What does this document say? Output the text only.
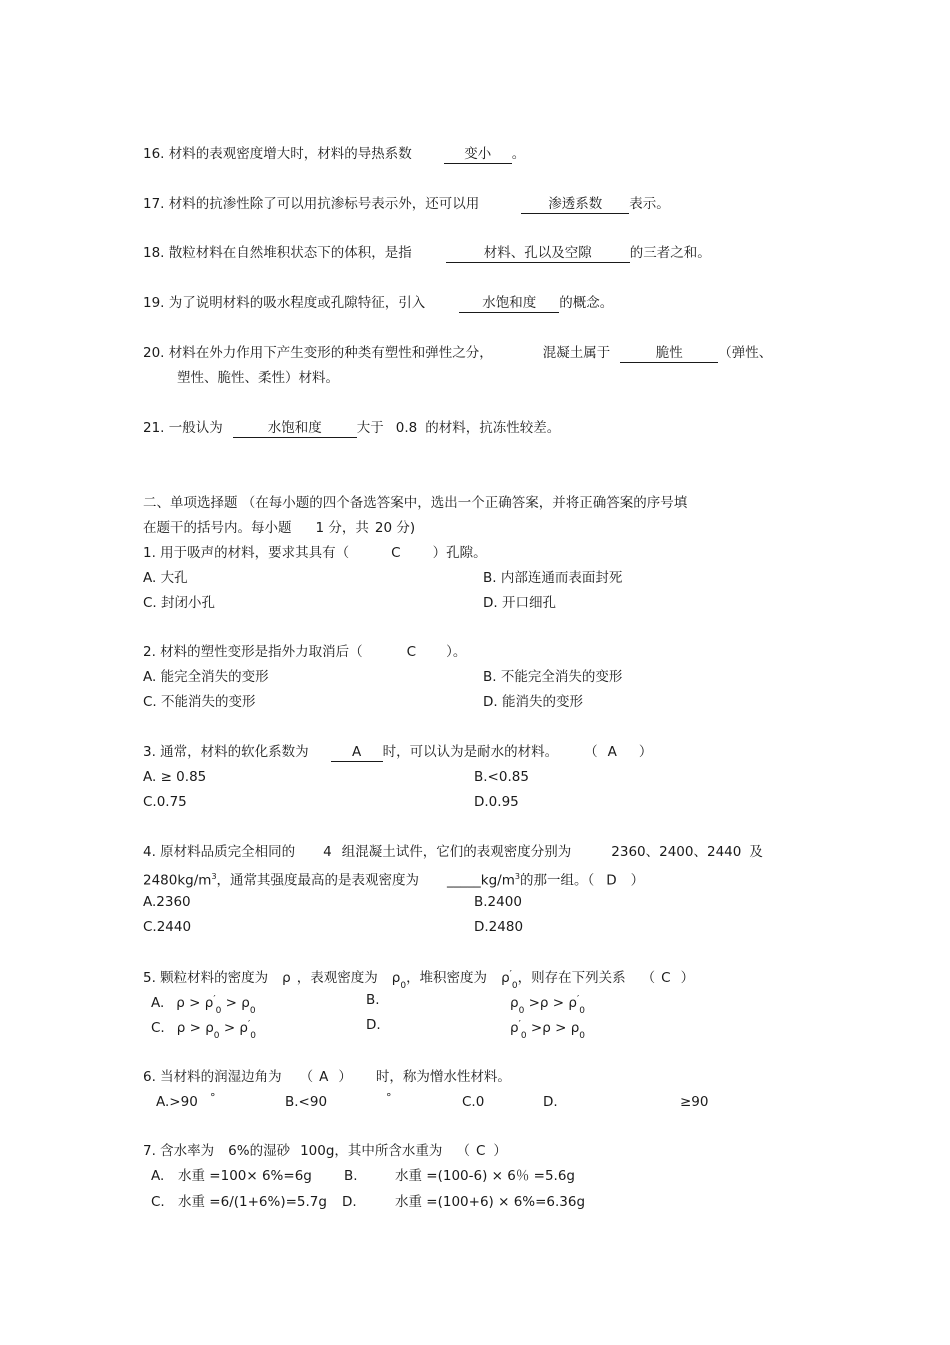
16. 材料的表观密度增大时，材料的导热系数	变小 。
17. 材料的抗渗性除了可以用抗渗标号表示外，还可以用	渗透系数 表示。
18. 散粒材料在自然堆积状态下的体积，是指	材料、孔以及空隙	的三者之和。
19. 为了说明材料的吸水程度或孔隙特征，引入	水饱和度 的概念。
20. 材料在外力作用下产生变形的种类有塑性和弹性之分，	混凝土属于	脆性	（弹性、
塑性、脆性、柔性）材料。
21. 一般认为	水饱和度	大于 0.8 的材料，抗冻性较差。
二、单项选择题 （在每小题的四个备选答案中，选出一个正确答案，并将正确答案的序号填
在题干的括号内。每小题 1 分，共 20 分)
1. 用于吸声的材料，要求其具有（	C ）孔隙。
A. 大孔	B. 内部连通而表面封死
C. 封闭小孔	D. 开口细孔
2. 材料的塑性变形是指外力取消后（	C ）。
A. 能完全消失的变形	B. 不能完全消失的变形
C. 不能消失的变形	D. 能消失的变形
3. 通常，材料的软化系数为	A 时，可以认为是耐水的材料。 （ A ）
A. ≥ 0.85	B.<0.85
C.0.75	D.0.95
4. 原材料品质完全相同的 4 组混凝土试件，它们的表观密度分别为	2360、2400、2440 及
$2480kg/m^3$，通常其强度最高的是表观密度为 $\_\_\_\_\_kg/m^3$的那一组。（ D ）
A.2360	B.2400
C.2440	D.2480
5. 颗粒材料的密度为 ρ ，表观密度为 $\rho_0$，堆积密度为 $\rho'_0$，则存在下列关系 （ C ）
A. $\rho > \rho'_0 > \rho_0$
B.	$\rho_0 >\rho > \rho'_0$
C. $\rho > \rho_0 > \rho'_0$
D.	$\rho'_0 >\rho > \rho_0$
6. 当材料的润湿边角为 （ A ） 时，称为憎水性材料。
A.>90 °	B.<90	°	C.0	D.	≥90
7. 含水率为 6%的湿砂 100g，其中所含水重为 （ C ）
A. 水重 =100× 6%=6g B.	水重 =(100-6) × 6％ =5.6g
C. 水重 =6/(1+6%)=5.7g D.	水重 =(100+6) × 6%=6.36g
